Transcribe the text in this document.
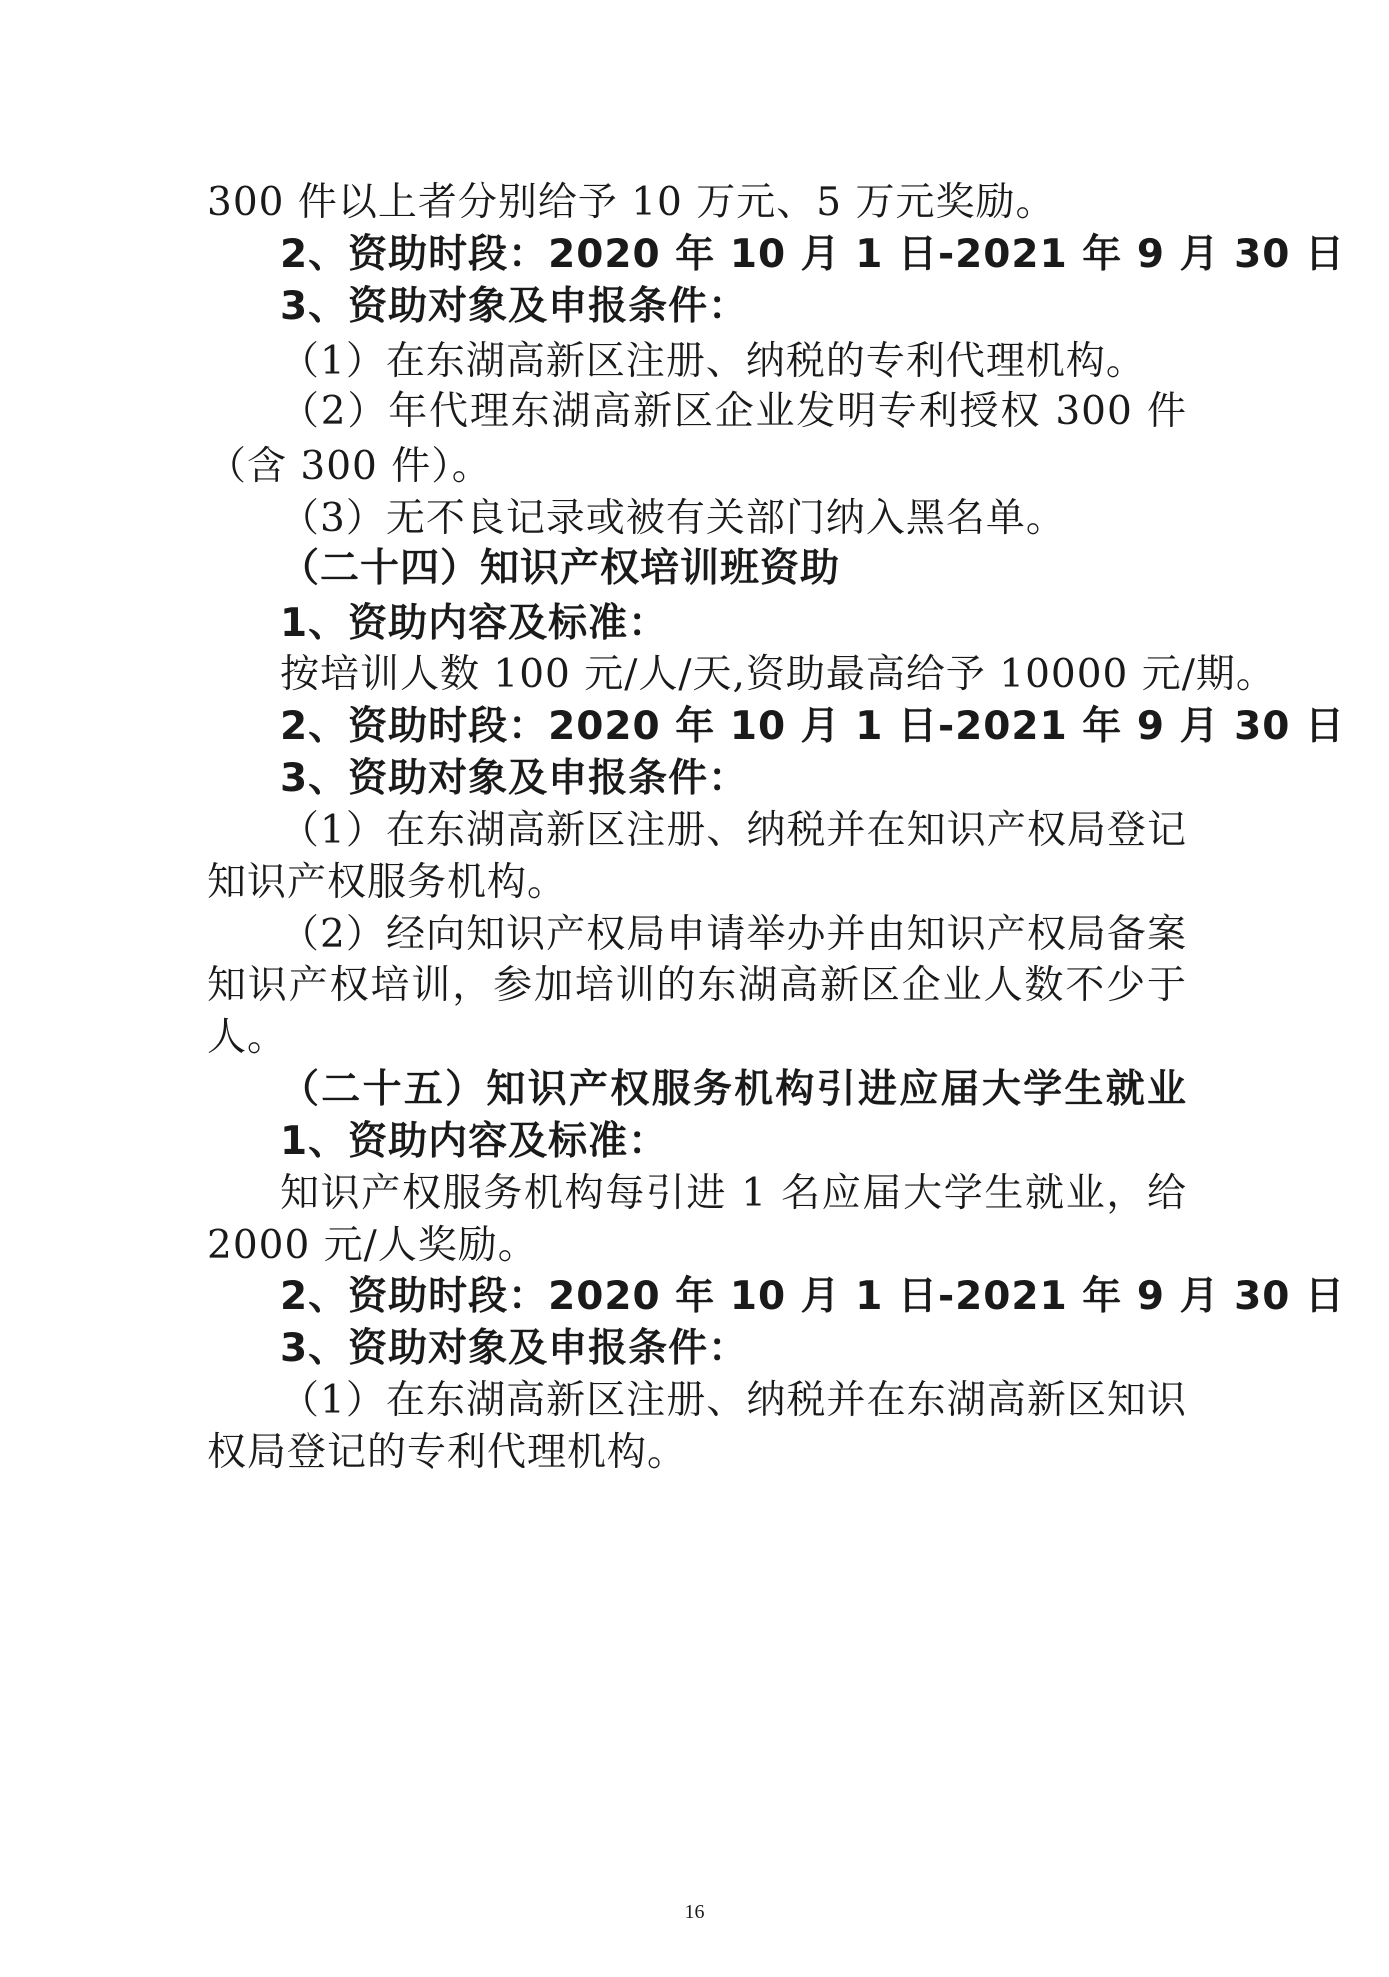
300 件以上者分别给予 10 万元、5 万元奖励。
2、资助时段：2020 年 10 月 1 日-2021 年 9 月 30 日
3、资助对象及申报条件：
（1）在东湖高新区注册、纳税的专利代理机构。
（2）年代理东湖高新区企业发明专利授权 300 件
（含 300 件）。
（3）无不良记录或被有关部门纳入黑名单。
（二十四）知识产权培训班资助
1、资助内容及标准：
按培训人数 100 元/人/天,资助最高给予 10000 元/期。
2、资助时段：2020 年 10 月 1 日-2021 年 9 月 30 日
3、资助对象及申报条件：
（1）在东湖高新区注册、纳税并在知识产权局登记
知识产权服务机构。
（2）经向知识产权局申请举办并由知识产权局备案
知识产权培训，参加培训的东湖高新区企业人数不少于
人。
（二十五）知识产权服务机构引进应届大学生就业
1、资助内容及标准：
知识产权服务机构每引进 1 名应届大学生就业，给
2000 元/人奖励。
2、资助时段：2020 年 10 月 1 日-2021 年 9 月 30 日
3、资助对象及申报条件：
（1）在东湖高新区注册、纳税并在东湖高新区知识
权局登记的专利代理机构。
16
